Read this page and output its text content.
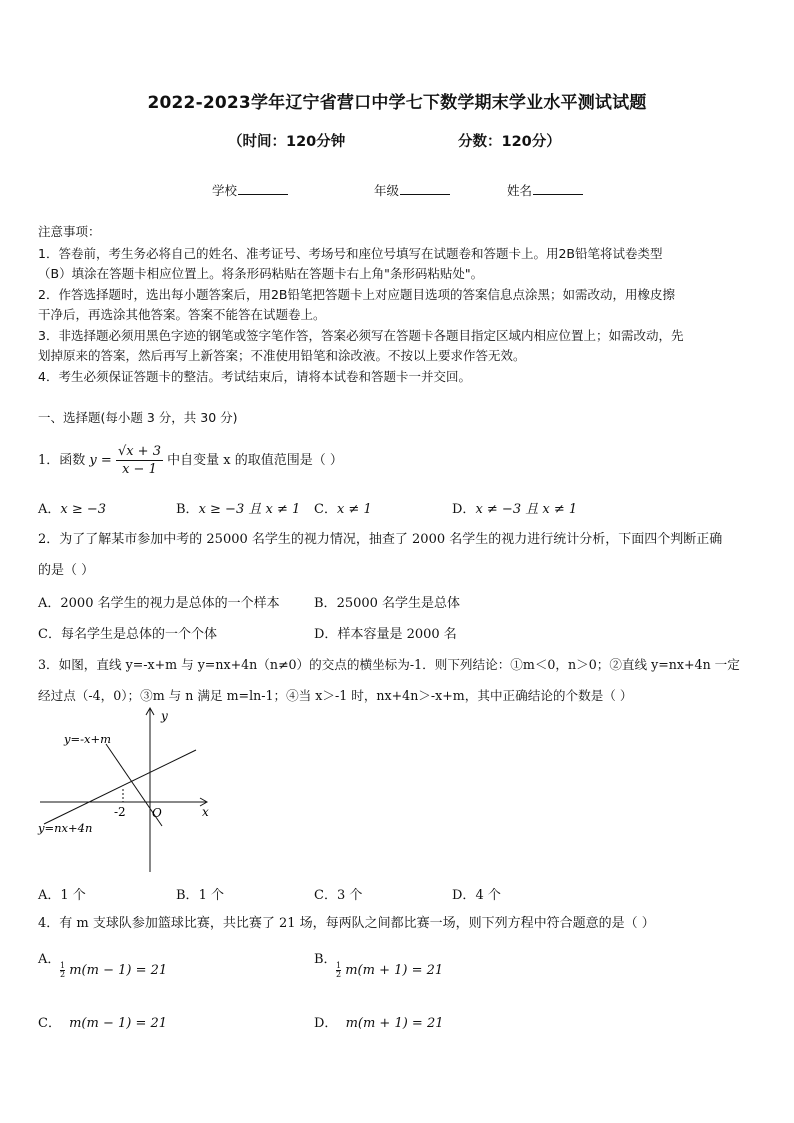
2022-2023学年辽宁省营口中学七下数学期末学业水平测试试题
（时间：120分钟	分数：120分）
学校	年级	姓名
注意事项：
1．答卷前，考生务必将自己的姓名、准考证号、考场号和座位号填写在试题卷和答题卡上。用2B铅笔将试卷类型
（B）填涂在答题卡相应位置上。将条形码粘贴在答题卡右上角"条形码粘贴处"。
2．作答选择题时，选出每小题答案后，用2B铅笔把答题卡上对应题目选项的答案信息点涂黑；如需改动，用橡皮擦
干净后，再选涂其他答案。答案不能答在试题卷上。
3．非选择题必须用黑色字迹的钢笔或签字笔作答，答案必须写在答题卡各题目指定区域内相应位置上；如需改动，先
划掉原来的答案，然后再写上新答案；不准使用铅笔和涂改液。不按以上要求作答无效。
4．考生必须保证答题卡的整洁。考试结束后，请将本试卷和答题卡一并交回。
一、选择题(每小题 3 分，共 30 分)
1．函数 $y = \frac{√x + 3}{x - 1}$ 中自变量 x 的取值范围是（ ）
A．x ≥ −3	B．x ≥ −3 且 x ≠ 1 C．x ≠ 1	D．x ≠ −3 且 x ≠ 1
2．为了了解某市参加中考的 25000 名学生的视力情况，抽查了 2000 名学生的视力进行统计分析，下面四个判断正确
的是（ ）
A．2000 名学生的视力是总体的一个样本	B．25000 名学生是总体
C．每名学生是总体的一个个体	D．样本容量是 2000 名
3．如图，直线 y=-x+m 与 y=nx+4n（n≠0）的交点的横坐标为-1．则下列结论：①m＜0，n＞0；②直线 y=nx+4n 一定
经过点（-4，0）；③m 与 n 满足 m=ln-1；④当 x＞-1 时，nx+4n＞-x+m，其中正确结论的个数是（ ）
y
x
O
-2
y=-x+m
y=nx+4n
A．1 个	B．1 个	C．3 个	D．4 个
4．有 m 支球队参加篮球比赛，共比赛了 21 场，每两队之间都比赛一场，则下列方程中符合题意的是（ ）
A．
$\frac{1}{2} m(m - 1) = 21$
B．
$\frac{1}{2} m(m + 1) = 21$
C． m(m − 1) = 21	D． m(m + 1) = 21
